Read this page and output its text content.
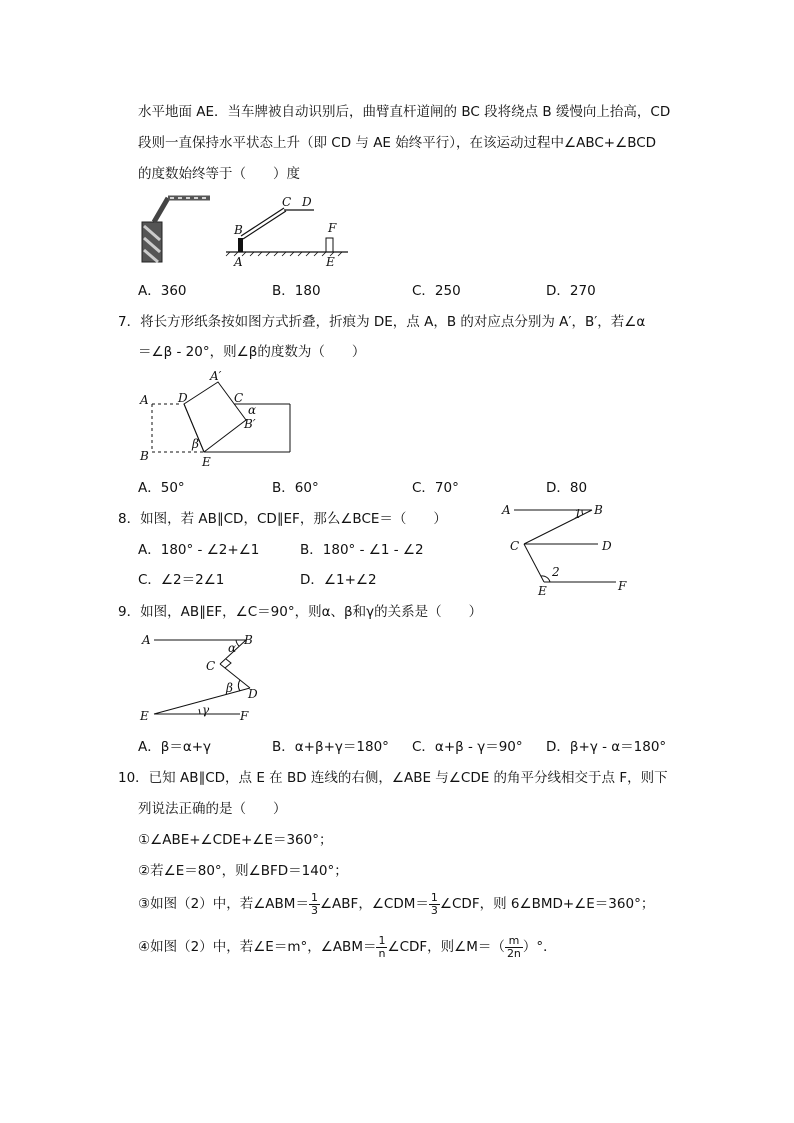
水平地面 AE．当车牌被自动识别后，曲臂直杆道闸的 BC 段将绕点 B 缓慢向上抬高，CD
段则一直保持水平状态上升（即 CD 与 AE 始终平行），在该运动过程中∠ABC+∠BCD
的度数始终等于（　　）度
B
C D
A	E
F
A．360	B．180	C．250	D．270
7．将长方形纸条按如图方式折叠，折痕为 DE，点 A，B 的对应点分别为 A′，B′，若∠α
＝∠β - 20°，则∠β的度数为（　　）
A D
A′
C
α
B′
β
B	E
A．50°	B．60°	C．70°	D．80
8．如图，若 AB∥CD，CD∥EF，那么∠BCE＝（　　）
A．180° - ∠2+∠1	B．180° - ∠1 - ∠2
C．∠2＝2∠1	D．∠1+∠2
A	1 B
C	D
2
E	F
9．如图，AB∥EF，∠C＝90°，则α、β和γ的关系是（　　）
A	B
α
C
β D
E	γ	F
A．β＝α+γ	B．α+β+γ＝180° C．α+β - γ＝90° D．β+γ - α＝180°
10．已知 AB∥CD，点 E 在 BD 连线的右侧，∠ABE 与∠CDE 的角平分线相交于点 F，则下
列说法正确的是（　　）
①∠ABE+∠CDE+∠E＝360°；
②若∠E＝80°，则∠BFD＝140°；
③如图（2）中，若∠ABM＝ $\frac{1}{3}$ ∠ABF，∠CDM＝ $\frac{1}{3}$ ∠CDF，则 6∠BMD+∠E＝360°；
④如图（2）中，若∠E＝m°，∠ABM＝ $\frac{1}{n}$ ∠CDF，则∠M＝（ $\frac{m}{2n}$ ）°．
